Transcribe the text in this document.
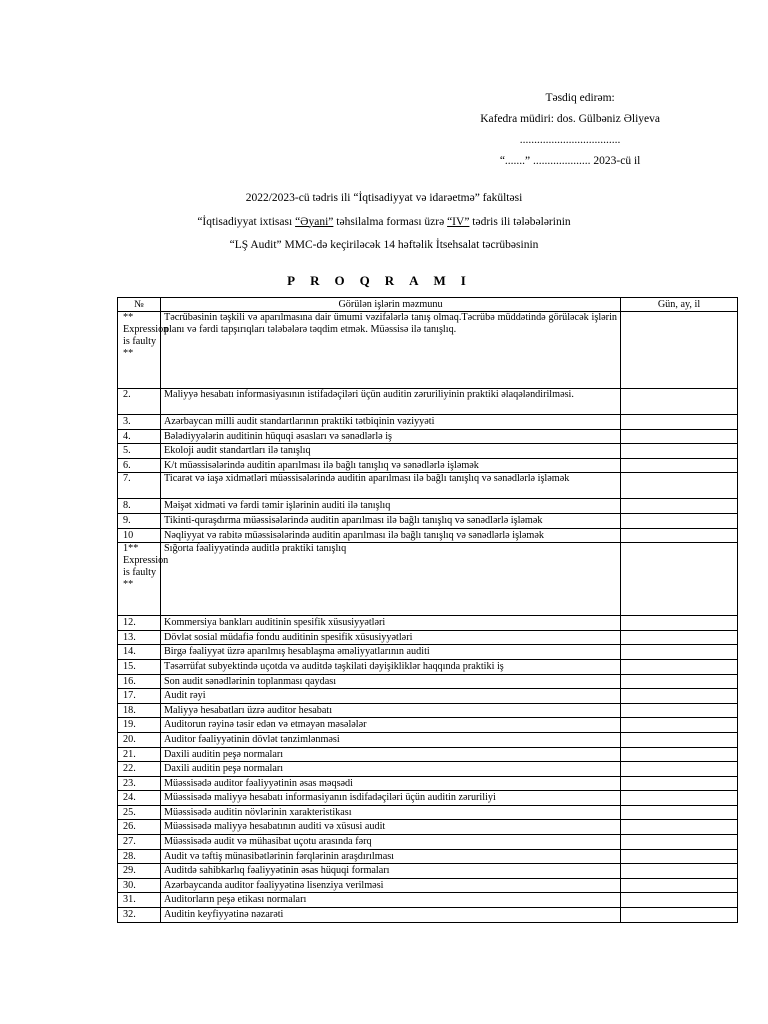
Təsdiq edirəm:
Kafedra müdiri: dos. Gülbəniz Əliyeva
...................................
“.......” .................... 2023-cü il
2022/2023-cü tədris ili “İqtisadiyyat və idarəetmə” fakültəsi
“İqtisadiyyat ixtisası “Əyani” təhsilalma forması üzrə “IV” tədris ili tələbələrinin
“LŞ Audit” MMC-də keçiriləcək 14 həftəlik İtsehsalat təcrübəsinin
PROQRAMI
№	Görülən işlərin məzmunu	Gün, ay, il
** Expression is faulty **	Təcrübəsinin təşkili və aparılmasına dair ümumi vəzifələrlə tanış olmaq.Təcrübə müddətində görüləcək işlərin planı və fərdi tapşırıqları tələbələrə təqdim etmək. Müəssisə ilə tanışlıq.	
2.	Maliyyə hesabatı informasiyasının istifadəçiləri üçün auditin zəruriliyinin praktiki əlaqələndirilməsi.	
3.	Azərbaycan milli audit standartlarının praktiki tətbiqinin vəziyyəti	
4.	Bələdiyyələrin auditinin hüquqi əsasları və sənədlərlə iş	
5.	Ekoloji audit standartları ilə tanışlıq	
6.	K/t müəssisələrində auditin aparılması ilə bağlı tanışlıq və sənədlərlə işləmək	
7.	Ticarət və iaşə xidmətləri müəssisələrində auditin aparılması ilə bağlı tanışlıq və sənədlərlə işləmək	
8.	Məişət xidməti və fərdi təmir işlərinin auditi ilə tanışlıq	
9.	Tikinti-quraşdırma müəssisələrində auditin aparılması ilə bağlı tanışlıq və sənədlərlə işləmək	
10	Nəqliyyat və rabitə müəssisələrində auditin aparılması ilə bağlı tanışlıq və sənədlərlə işləmək	
1** Expression is faulty **	Sığorta fəaliyyətində auditlə praktiki tanışlıq	
12.	Kommersiya bankları auditinin spesifik xüsusiyyətləri	
13.	Dövlət sosial müdafiə fondu auditinin spesifik xüsusiyyətləri	
14.	Birgə fəaliyyət üzrə aparılmış hesablaşma əməliyyatlarının auditi	
15.	Təsərrüfat subyektində uçotda və auditdə təşkilati dəyişikliklər haqqında praktiki iş	
16.	Son audit sənədlərinin toplanması qaydası	
17.	Audit rəyi	
18.	Maliyyə hesabatları üzrə auditor hesabatı	
19.	Auditorun rəyinə təsir edən və etməyən məsələlər	
20.	Auditor fəaliyyətinin dövlət tənzimlənməsi	
21.	Daxili auditin peşə normaları	
22.	Daxili auditin peşə normaları	
23.	Müəssisədə auditor fəaliyyətinin əsas məqsədi	
24.	Müəssisədə maliyyə hesabatı informasiyanın isdifadəçiləri üçün auditin zəruriliyi	
25.	Müəssisədə auditin növlərinin xarakteristikası	
26.	Müəssisədə maliyyə hesabatının auditi və xüsusi audit	
27.	Müəssisədə audit və mühasibat uçotu arasında fərq	
28.	Audit və təftiş münasibətlərinin fərqlərinin araşdırılması	
29.	Auditdə sahibkarlıq fəaliyyətinin əsas hüquqi formaları	
30.	Azərbaycanda auditor fəaliyyətinə lisenziya verilməsi	
31.	Auditorların peşə etikası normaları	
32.	Auditin keyfiyyətinə nəzarəti	
